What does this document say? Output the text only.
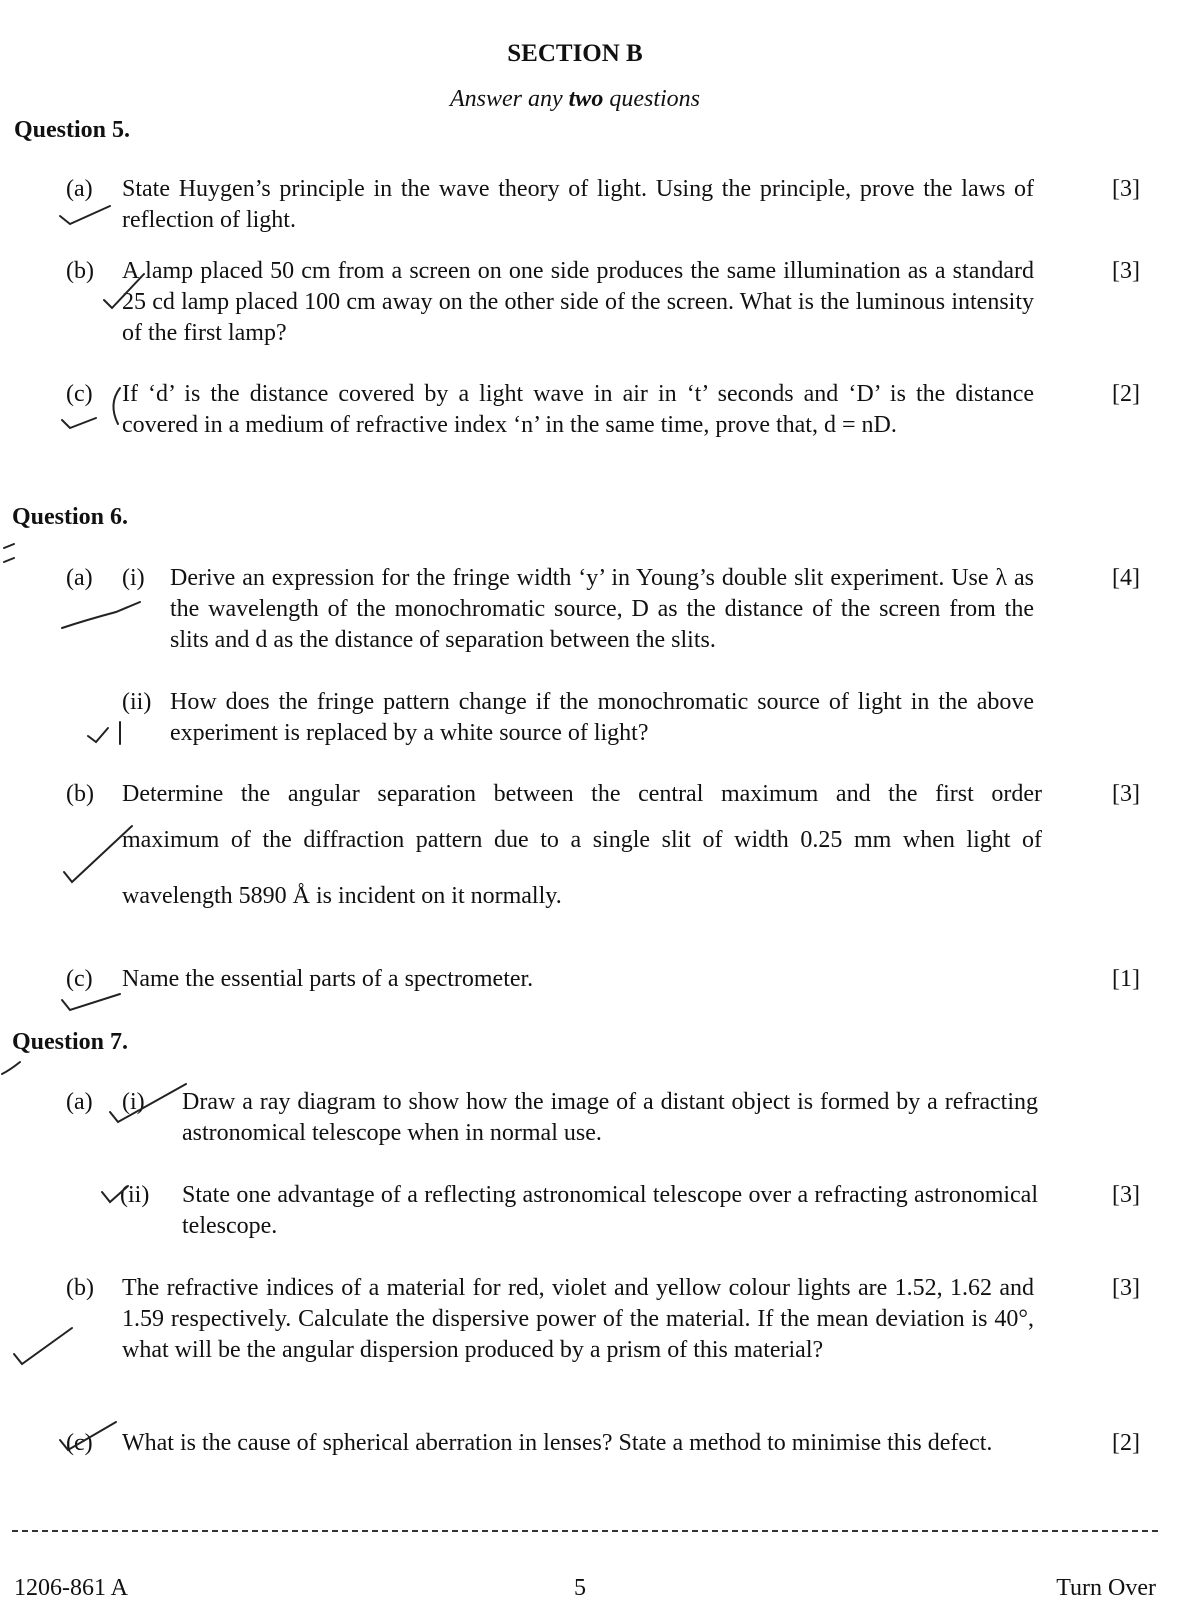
SECTION B
Answer any two questions
Question 5.
(a) State Huygen’s principle in the wave theory of light. Using the principle, prove the laws of reflection of light.
[3]
(b) A lamp placed 50 cm from a screen on one side produces the same illumination as a standard 25 cd lamp placed 100 cm away on the other side of the screen. What is the luminous intensity of the first lamp?
[3]
(c) If ‘d’ is the distance covered by a light wave in air in ‘t’ seconds and ‘D’ is the distance covered in a medium of refractive index ‘n’ in the same time, prove that, d = nD.
[2]
Question 6.
(a) (i) Derive an expression for the fringe width ‘y’ in Young’s double slit experiment. Use λ as the wavelength of the monochromatic source, D as the distance of the screen from the slits and d as the distance of separation between the slits.
[4]
(ii) How does the fringe pattern change if the monochromatic source of light in the above experiment is replaced by a white source of light?
(b) Determine the angular separation between the central maximum and the first order
maximum of the diffraction pattern due to a single slit of width 0.25 mm when light of
wavelength 5890 Å is incident on it normally.
[3]
(c) Name the essential parts of a spectrometer.	[1]
Question 7.
(a) (i) Draw a ray diagram to show how the image of a distant object is formed by a refracting astronomical telescope when in normal use.
(ii) State one advantage of a reflecting astronomical telescope over a refracting astronomical telescope.
[3]
(b) The refractive indices of a material for red, violet and yellow colour lights are 1.52, 1.62 and 1.59 respectively. Calculate the dispersive power of the material. If the mean deviation is 40°, what will be the angular dispersion produced by a prism of this material?
[3]
(c) What is the cause of spherical aberration in lenses? State a method to minimise this defect.	[2]
1206-861 A	5	Turn Over
